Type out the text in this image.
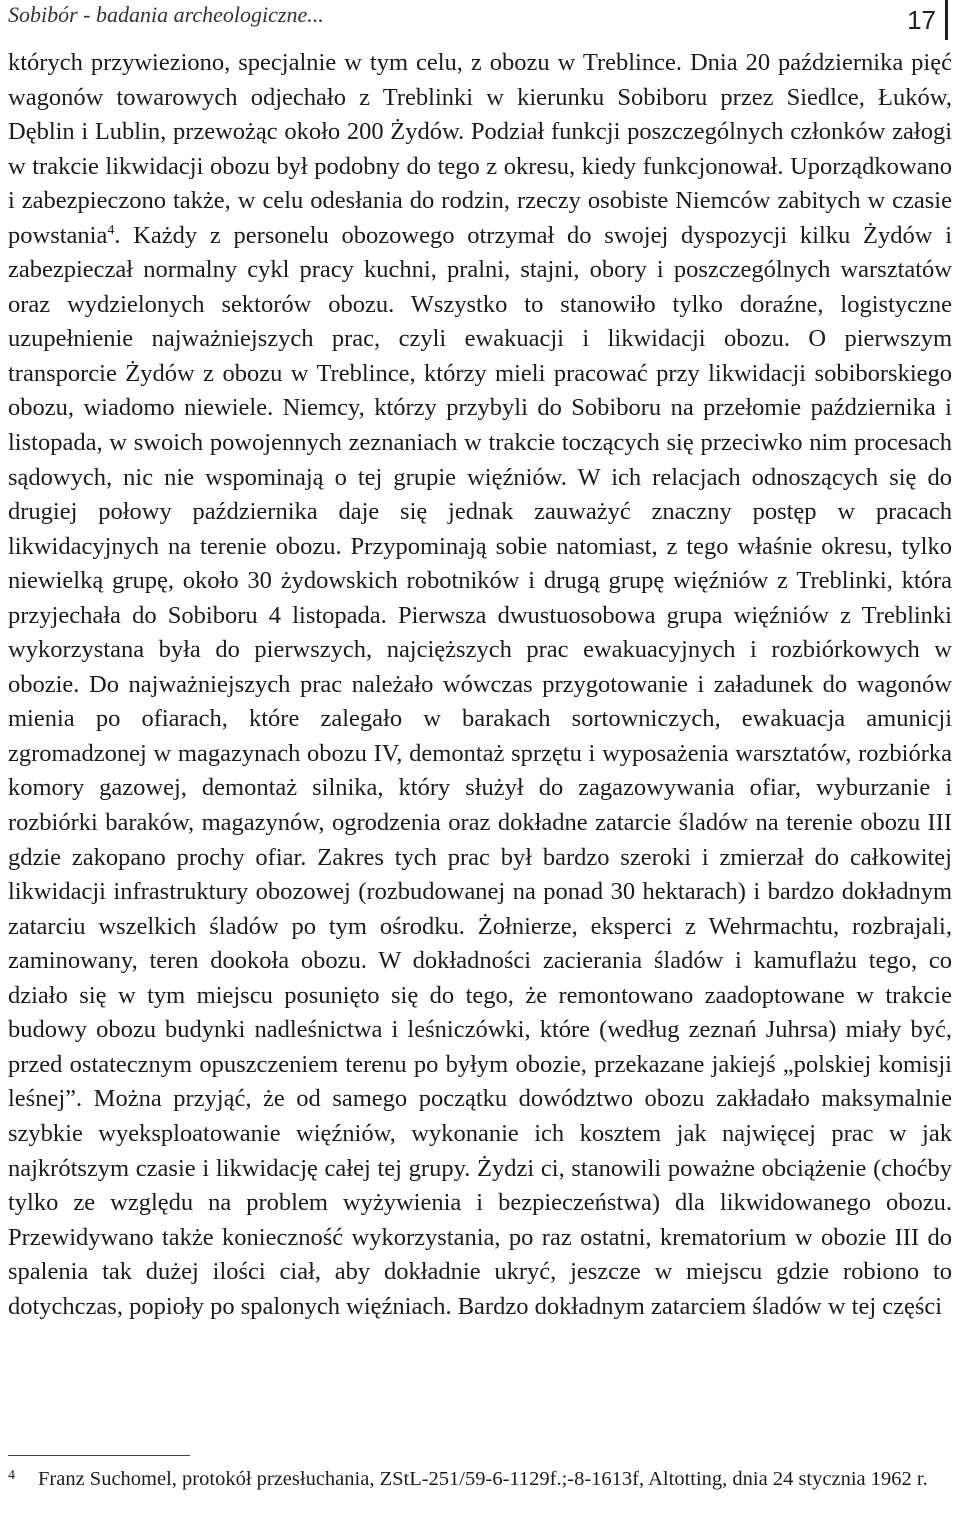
Sobibór - badania archeologiczne...	17

których przywieziono, specjalnie w tym celu, z obozu w Treblince. Dnia 20 października pięć wagonów towarowych odjechało z Treblinki w kierunku Sobiboru przez Siedlce, Łuków, Dęblin i Lublin, przewożąc około 200 Żydów. Podział funkcji poszczególnych członków załogi w trakcie likwidacji obozu był podobny do tego z okresu, kiedy funkcjonował. Uporządkowano i zabezpieczono także, w celu odesłania do rodzin, rzeczy osobiste Niemców zabitych w czasie powstania$^4$. Każdy z personelu obozowego otrzymał do swojej dyspozycji kilku Żydów i zabezpieczał normalny cykl pracy kuchni, pralni, stajni, obory i poszczególnych warsztatów oraz wydzielonych sektorów obozu. Wszystko to stanowiło tylko doraźne, logistyczne uzupełnienie najważniejszych prac, czyli ewakuacji i likwidacji obozu. O pierwszym transporcie Żydów z obozu w Treblince, którzy mieli pracować przy likwidacji sobiborskiego obozu, wiadomo niewiele. Niemcy, którzy przybyli do Sobiboru na przełomie października i listopada, w swoich powojennych zeznaniach w trakcie toczących się przeciwko nim procesach sądowych, nic nie wspominają o tej grupie więźniów. W ich relacjach odnoszących się do drugiej połowy października daje się jednak zauważyć znaczny postęp w pracach likwidacyjnych na terenie obozu. Przypominają sobie natomiast, z tego właśnie okresu, tylko niewielką grupę, około 30 żydowskich robotników i drugą grupę więźniów z Treblinki, która przyjechała do Sobiboru 4 listopada. Pierwsza dwustuosobowa grupa więźniów z Treblinki wykorzystana była do pierwszych, najcięższych prac ewakuacyjnych i rozbiórkowych w obozie. Do najważniejszych prac należało wówczas przygotowanie i załadunek do wagonów mienia po ofiarach, które zalegało w barakach sortowniczych, ewakuacja amunicji zgromadzonej w magazynach obozu IV, demontaż sprzętu i wyposażenia warsztatów, rozbiórka komory gazowej, demontaż silnika, który służył do zagazowywania ofiar, wyburzanie i rozbiórki baraków, magazynów, ogrodzenia oraz dokładne zatarcie śladów na terenie obozu III gdzie zakopano prochy ofiar. Zakres tych prac był bardzo szeroki i zmierzał do całkowitej likwidacji infrastruktury obozowej (rozbudowanej na ponad 30 hektarach) i bardzo dokładnym zatarciu wszelkich śladów po tym ośrodku. Żołnierze, eksperci z Wehrmachtu, rozbrajali, zaminowany, teren dookoła obozu. W dokładności zacierania śladów i kamuflażu tego, co działo się w tym miejscu posunięto się do tego, że remontowano zaadoptowane w trakcie budowy obozu budynki nadleśnictwa i leśniczówki, które (według zeznań Juhrsa) miały być, przed ostatecznym opuszczeniem terenu po byłym obozie, przekazane jakiejś „polskiej komisji leśnej”. Można przyjąć, że od samego początku dowództwo obozu zakładało maksymalnie szybkie wyeksploatowanie więźniów, wykonanie ich kosztem jak najwięcej prac w jak najkrótszym czasie i likwidację całej tej grupy. Żydzi ci, stanowili poważne obciążenie (choćby tylko ze względu na problem wyżywienia i bezpieczeństwa) dla likwidowanego obozu. Przewidywano także konieczność wykorzystania, po raz ostatni, krematorium w obozie III do spalenia tak dużej ilości ciał, aby dokładnie ukryć, jeszcze w miejscu gdzie robiono to dotychczas, popioły po spalonych więźniach. Bardzo dokładnym zatarciem śladów w tej części

4 Franz Suchomel, protokół przesłuchania, ZStL-251/59-6-1129f.;-8-1613f, Altotting, dnia 24 stycznia 1962 r.
